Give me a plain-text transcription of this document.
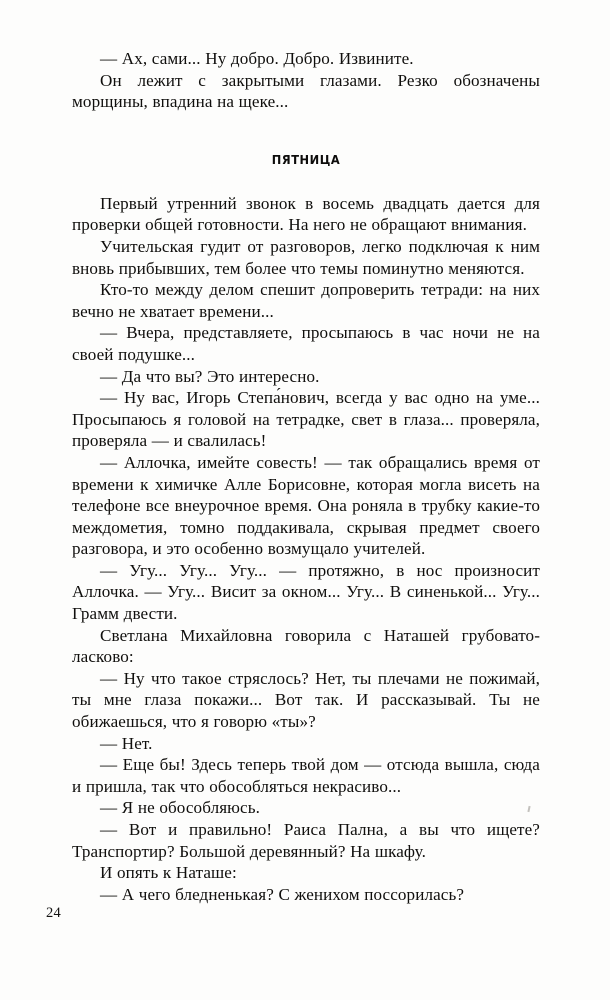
— Ах, сами... Ну добро. Добро. Извините.

Он лежит с закрытыми глазами. Резко обозначены морщины, впадина на щеке...

ПЯТНИЦА

Первый утренний звонок в восемь двадцать дается для проверки общей готовности. На него не обращают внимания.

Учительская гудит от разговоров, легко подключая к ним вновь прибывших, тем более что темы поминутно меняются.

Кто-то между делом спешит допроверить тетради: на них вечно не хватает времени...

— Вчера, представляете, просыпаюсь в час ночи не на своей подушке...

— Да что вы? Это интересно.

— Ну вас, Игорь Степа́нович, всегда у вас одно на уме... Просыпаюсь я головой на тетрадке, свет в глаза... проверяла, проверяла — и свалилась!

— Аллочка, имейте совесть! — так обращались время от времени к химичке Алле Борисовне, которая могла висеть на телефоне все внеурочное время. Она роняла в трубку какие-то междометия, томно поддакивала, скрывая предмет своего разговора, и это особенно возмущало учителей.

— Угу... Угу... Угу... — протяжно, в нос произносит Аллочка. — Угу... Висит за окном... Угу... В синенькой... Угу... Грамм двести.

Светлана Михайловна говорила с Наташей грубовато-ласково:

— Ну что такое стряслось? Нет, ты плечами не пожимай, ты мне глаза покажи... Вот так. И рассказывай. Ты не обижаешься, что я говорю «ты»?

— Нет.

— Еще бы! Здесь теперь твой дом — отсюда вышла, сюда и пришла, так что обособляться некрасиво...

— Я не обособляюсь.

— Вот и правильно! Раиса Пална, а вы что ищете? Транспортир? Большой деревянный? На шкафу.

И опять к Наташе:

— А чего бледненькая? С женихом поссорилась?

24
